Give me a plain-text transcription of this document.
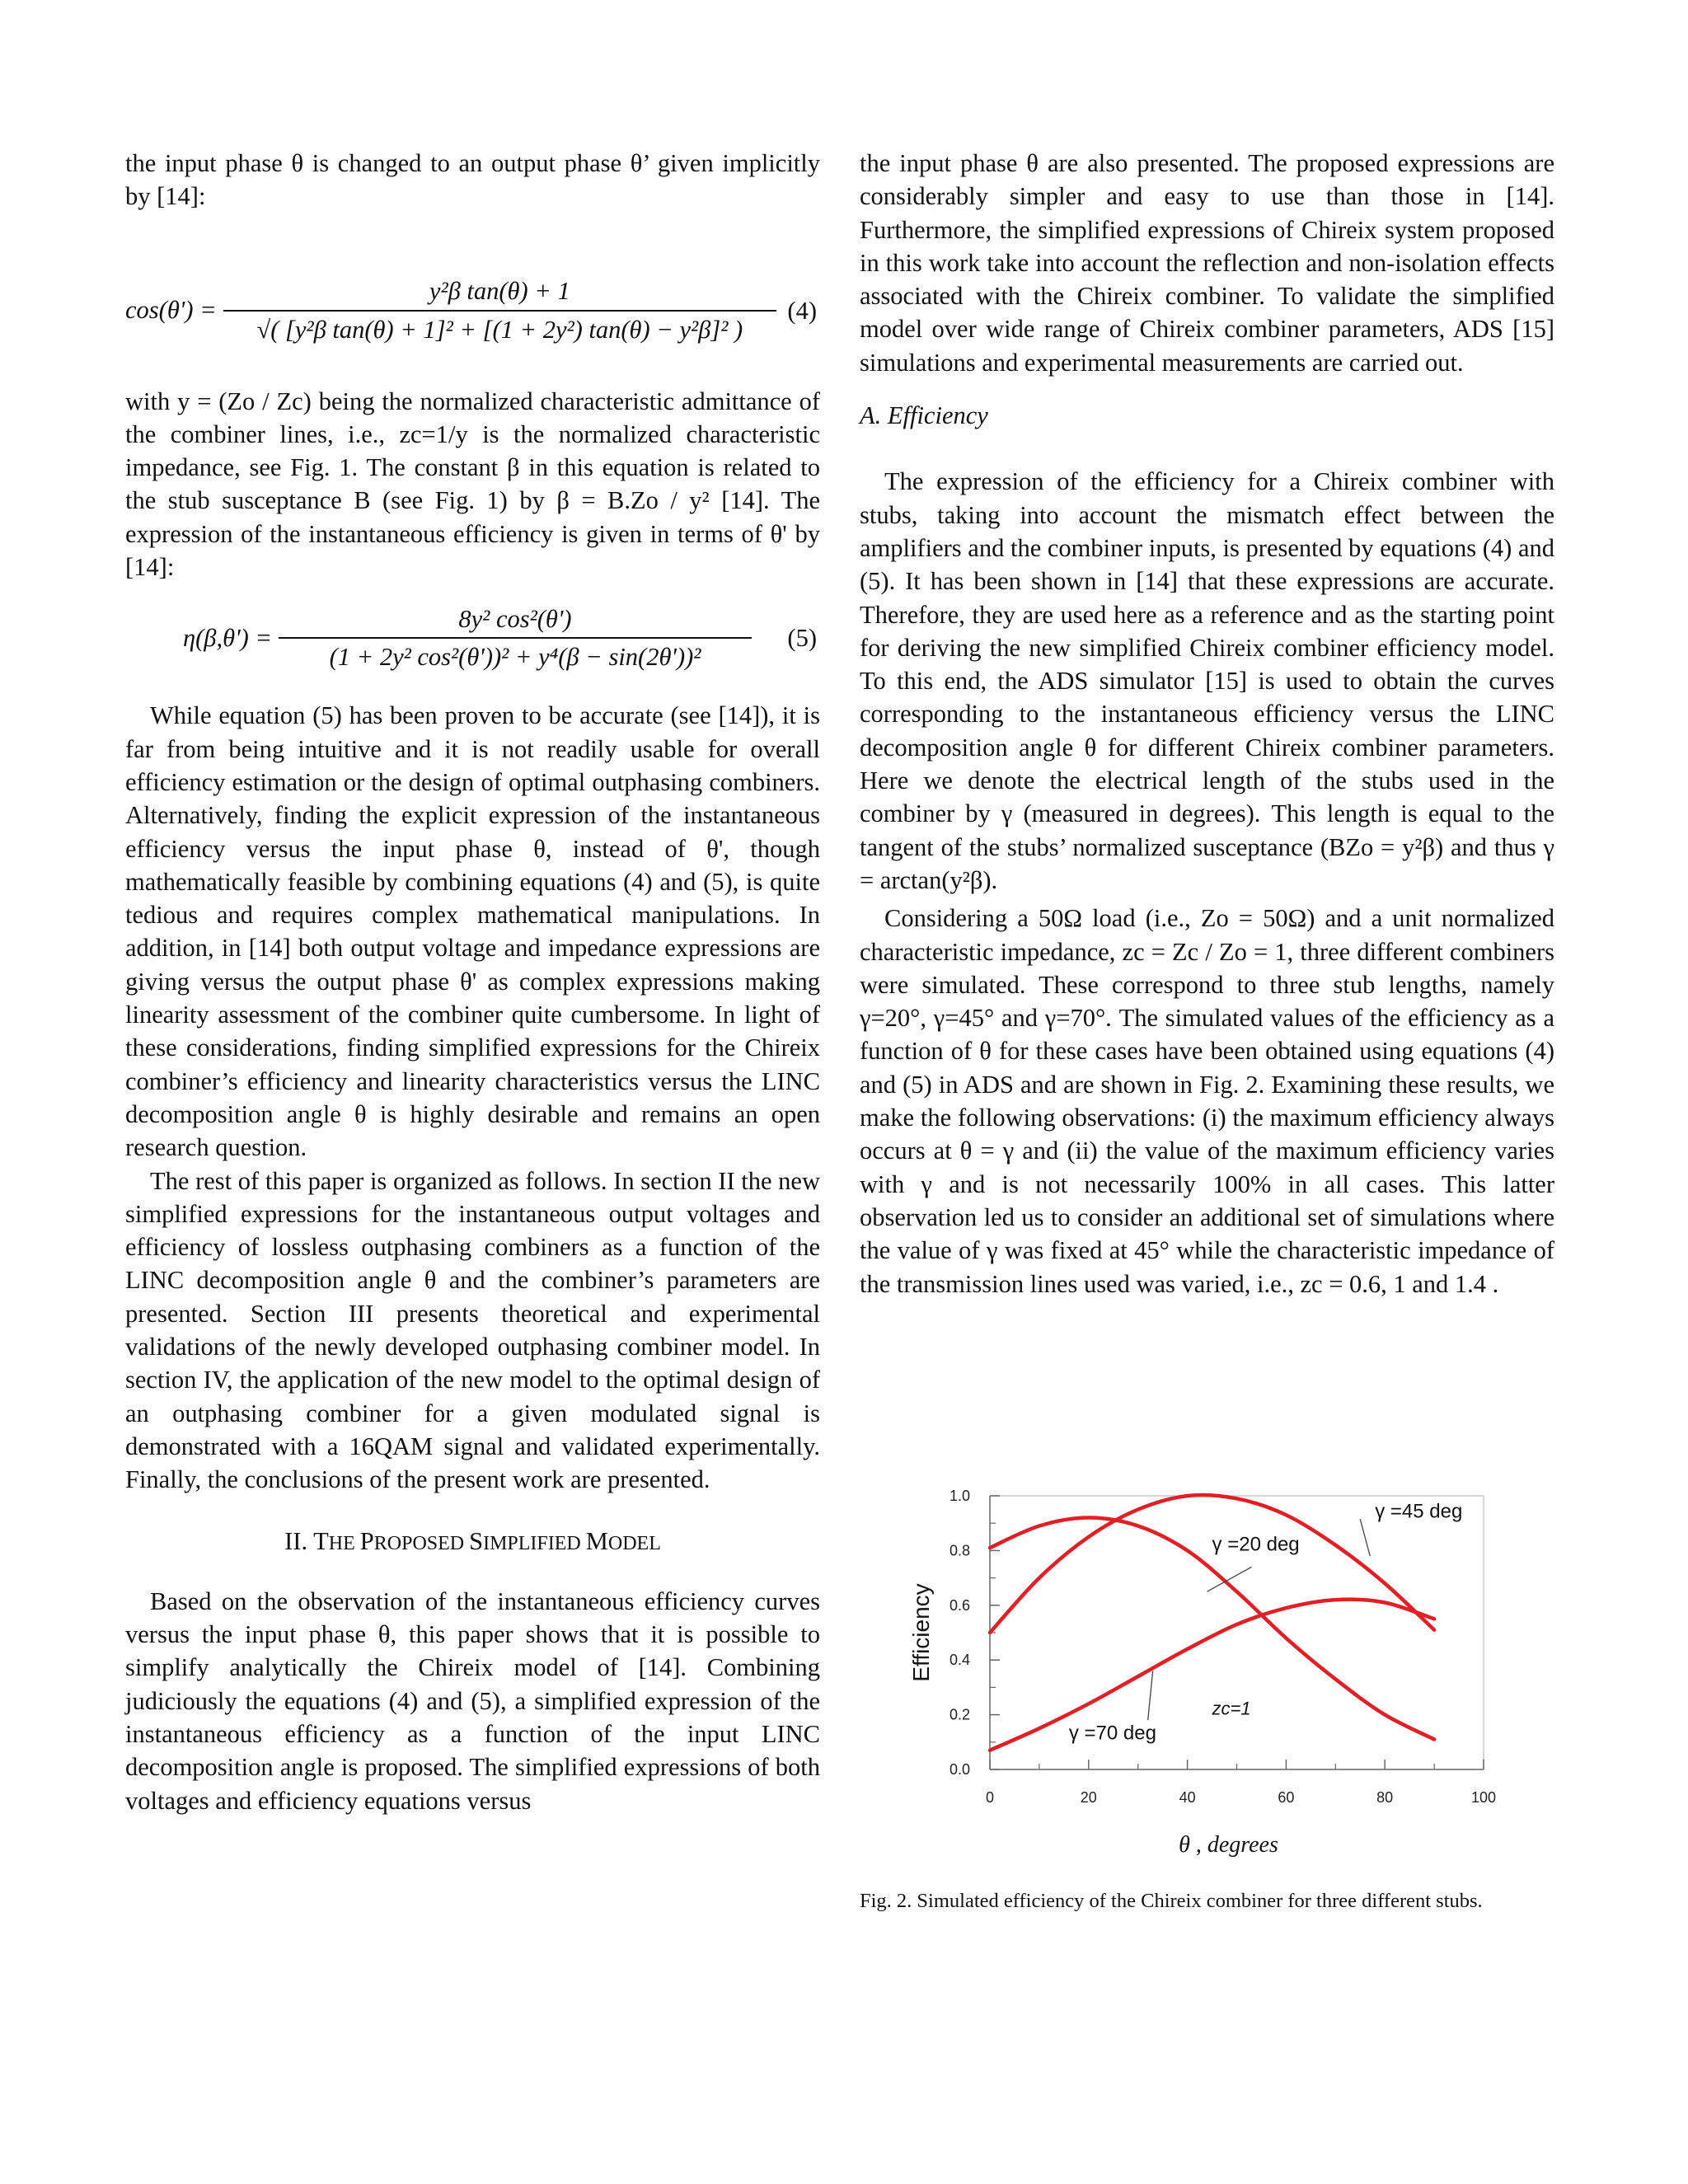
the input phase θ is changed to an output phase θ’ given implicitly by [14]:

$\cos(\theta') = \frac{\text{y²β tan(θ) + 1}}{\text{√( [y²β tan(θ) + 1]² + [(1 + 2y²) tan(θ) − y²β]² )}} (4)$

with y = (Zo / Zc) being the normalized characteristic admittance of the combiner lines, i.e., zc=1/y is the normalized characteristic impedance, see Fig. 1. The constant β in this equation is related to the stub susceptance B (see Fig. 1) by β = B.Zo / y² [14]. The expression of the instantaneous efficiency is given in terms of θ' by [14]:

$\eta(\beta,\theta') = \frac{\text{8y² cos²(θ')}}{\text{(1 + 2y² cos²(θ'))² + y⁴(β − sin(2θ'))²}} (5)$

While equation (5) has been proven to be accurate (see [14]), it is far from being intuitive and it is not readily usable for overall efficiency estimation or the design of optimal outphasing combiners. Alternatively, finding the explicit expression of the instantaneous efficiency versus the input phase θ, instead of θ', though mathematically feasible by combining equations (4) and (5), is quite tedious and requires complex mathematical manipulations. In addition, in [14] both output voltage and impedance expressions are giving versus the output phase θ' as complex expressions making linearity assessment of the combiner quite cumbersome. In light of these considerations, finding simplified expressions for the Chireix combiner’s efficiency and linearity characteristics versus the LINC decomposition angle θ is highly desirable and remains an open research question.

The rest of this paper is organized as follows. In section II the new simplified expressions for the instantaneous output voltages and efficiency of lossless outphasing combiners as a function of the LINC decomposition angle θ and the combiner’s parameters are presented. Section III presents theoretical and experimental validations of the newly developed outphasing combiner model. In section IV, the application of the new model to the optimal design of an outphasing combiner for a given modulated signal is demonstrated with a 16QAM signal and validated experimentally. Finally, the conclusions of the present work are presented.

II. THE PROPOSED SIMPLIFIED MODEL

Based on the observation of the instantaneous efficiency curves versus the input phase θ, this paper shows that it is possible to simplify analytically the Chireix model of [14]. Combining judiciously the equations (4) and (5), a simplified expression of the instantaneous efficiency as a function of the input LINC decomposition angle is proposed. The simplified expressions of both voltages and efficiency equations versus

the input phase θ are also presented. The proposed expressions are considerably simpler and easy to use than those in [14]. Furthermore, the simplified expressions of Chireix system proposed in this work take into account the reflection and non-isolation effects associated with the Chireix combiner. To validate the simplified model over wide range of Chireix combiner parameters, ADS [15] simulations and experimental measurements are carried out.

A. Efficiency

The expression of the efficiency for a Chireix combiner with stubs, taking into account the mismatch effect between the amplifiers and the combiner inputs, is presented by equations (4) and (5). It has been shown in [14] that these expressions are accurate. Therefore, they are used here as a reference and as the starting point for deriving the new simplified Chireix combiner efficiency model. To this end, the ADS simulator [15] is used to obtain the curves corresponding to the instantaneous efficiency versus the LINC decomposition angle θ for different Chireix combiner parameters. Here we denote the electrical length of the stubs used in the combiner by γ (measured in degrees). This length is equal to the tangent of the stubs’ normalized susceptance (BZo = y²β) and thus γ = arctan(y²β).

Considering a 50Ω load (i.e., Zo = 50Ω) and a unit normalized characteristic impedance, zc = Zc / Zo = 1, three different combiners were simulated. These correspond to three stub lengths, namely γ=20°, γ=45° and γ=70°. The simulated values of the efficiency as a function of θ for these cases have been obtained using equations (4) and (5) in ADS and are shown in Fig. 2. Examining these results, we make the following observations: (i) the maximum efficiency always occurs at θ = γ and (ii) the value of the maximum efficiency varies with γ and is not necessarily 100% in all cases. This latter observation led us to consider an additional set of simulations where the value of γ was fixed at 45° while the characteristic impedance of the transmission lines used was varied, i.e., zc = 0.6, 1 and 1.4 .

0	20	40	60	80	100
0.0
0.2
0.4
0.6
0.8
1.0
γ =45 deg
γ =20 deg
γ =70 deg
zc=1
Efficiency
θ , degrees
Fig. 2. Simulated efficiency of the Chireix combiner for three different stubs.
